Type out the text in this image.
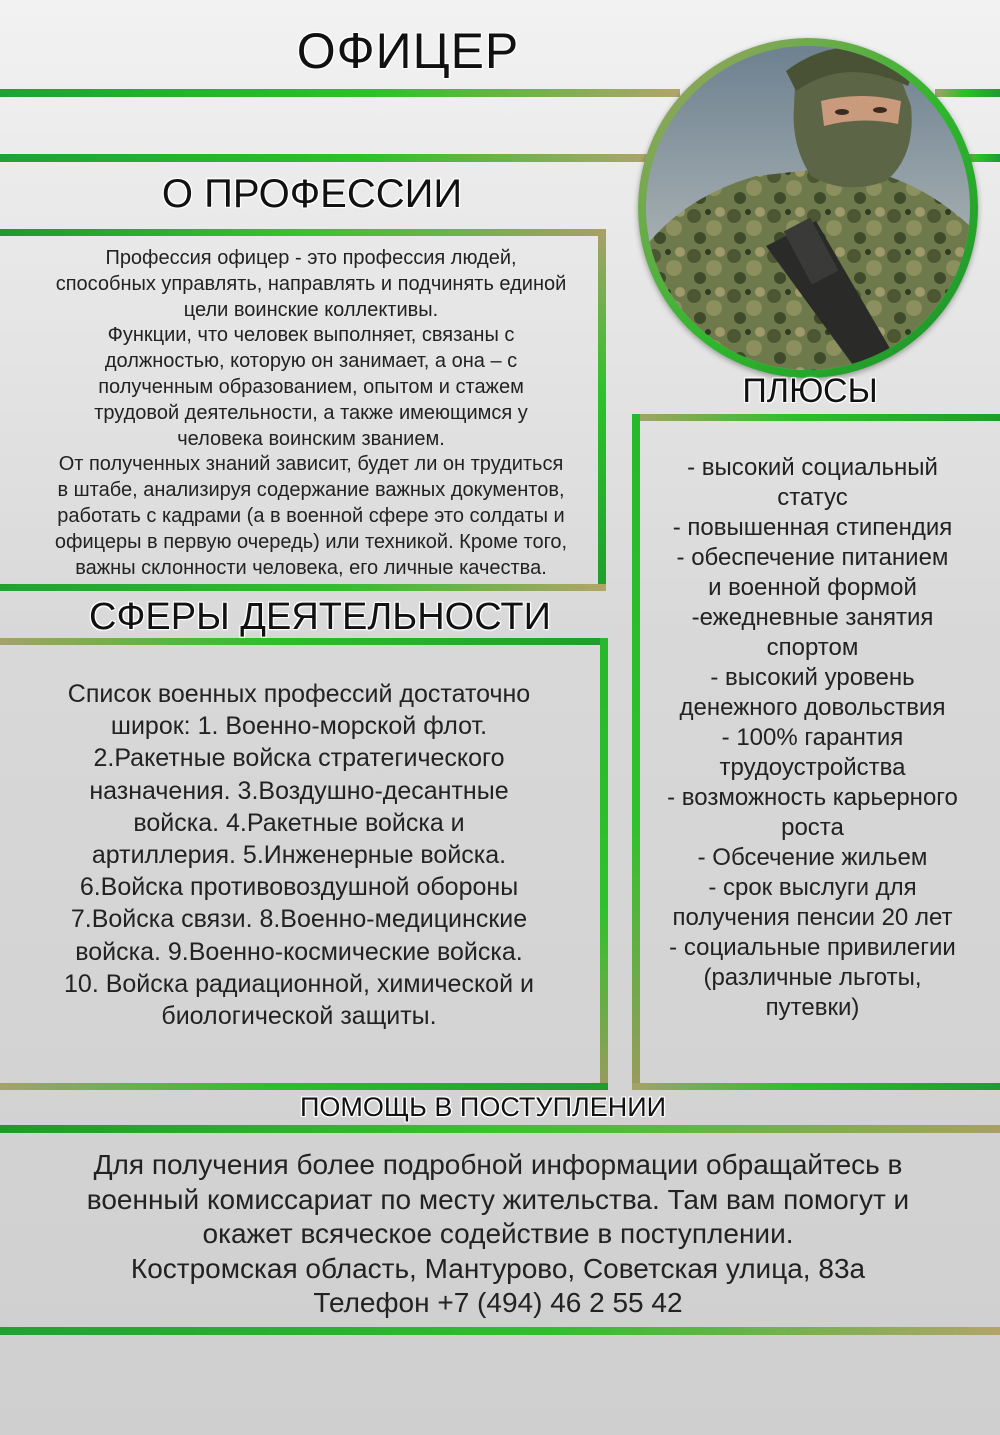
ОФИЦЕР
О ПРОФЕССИИ
Профессия офицер - это профессия людей,
способных управлять, направлять и подчинять единой
цели воинские коллективы.
Функции, что человек выполняет, связаны с
должностью, которую он занимает, а она – с
полученным образованием, опытом и стажем
трудовой деятельности, а также имеющимся у
человека воинским званием.
От полученных знаний зависит, будет ли он трудиться
в штабе, анализируя содержание важных документов,
работать с кадрами (а в военной сфере это солдаты и
офицеры в первую очередь) или техникой. Кроме того,
важны склонности человека, его личные качества.
СФЕРЫ ДЕЯТЕЛЬНОСТИ
Список военных профессий достаточно
широк: 1. Военно-морской флот.
2.Ракетные войска стратегического
назначения. 3.Воздушно-десантные
войска. 4.Ракетные войска и
артиллерия. 5.Инженерные войска.
6.Войска противовоздушной обороны
7.Войска связи. 8.Военно-медицинские
войска. 9.Военно-космические войска.
10. Войска радиационной, химической и
биологической защиты.
ПЛЮСЫ
- высокий социальный
статус
- повышенная стипендия
- обеспечение питанием
и военной формой
-ежедневные занятия
спортом
- высокий уровень
денежного довольствия
- 100% гарантия
трудоустройства
- возможность карьерного
роста
- Обсечение жильем
- срок выслуги для
получения пенсии 20 лет
- социальные привилегии
(различные льготы,
путевки)
ПОМОЩЬ В ПОСТУПЛЕНИИ
Для получения более подробной информации обращайтесь в
военный комиссариат по месту жительства. Там вам помогут и
окажет всяческое содействие в поступлении.
Костромская область, Мантурово, Советская улица, 83а
Телефон +7 (494) 46 2 55 42
